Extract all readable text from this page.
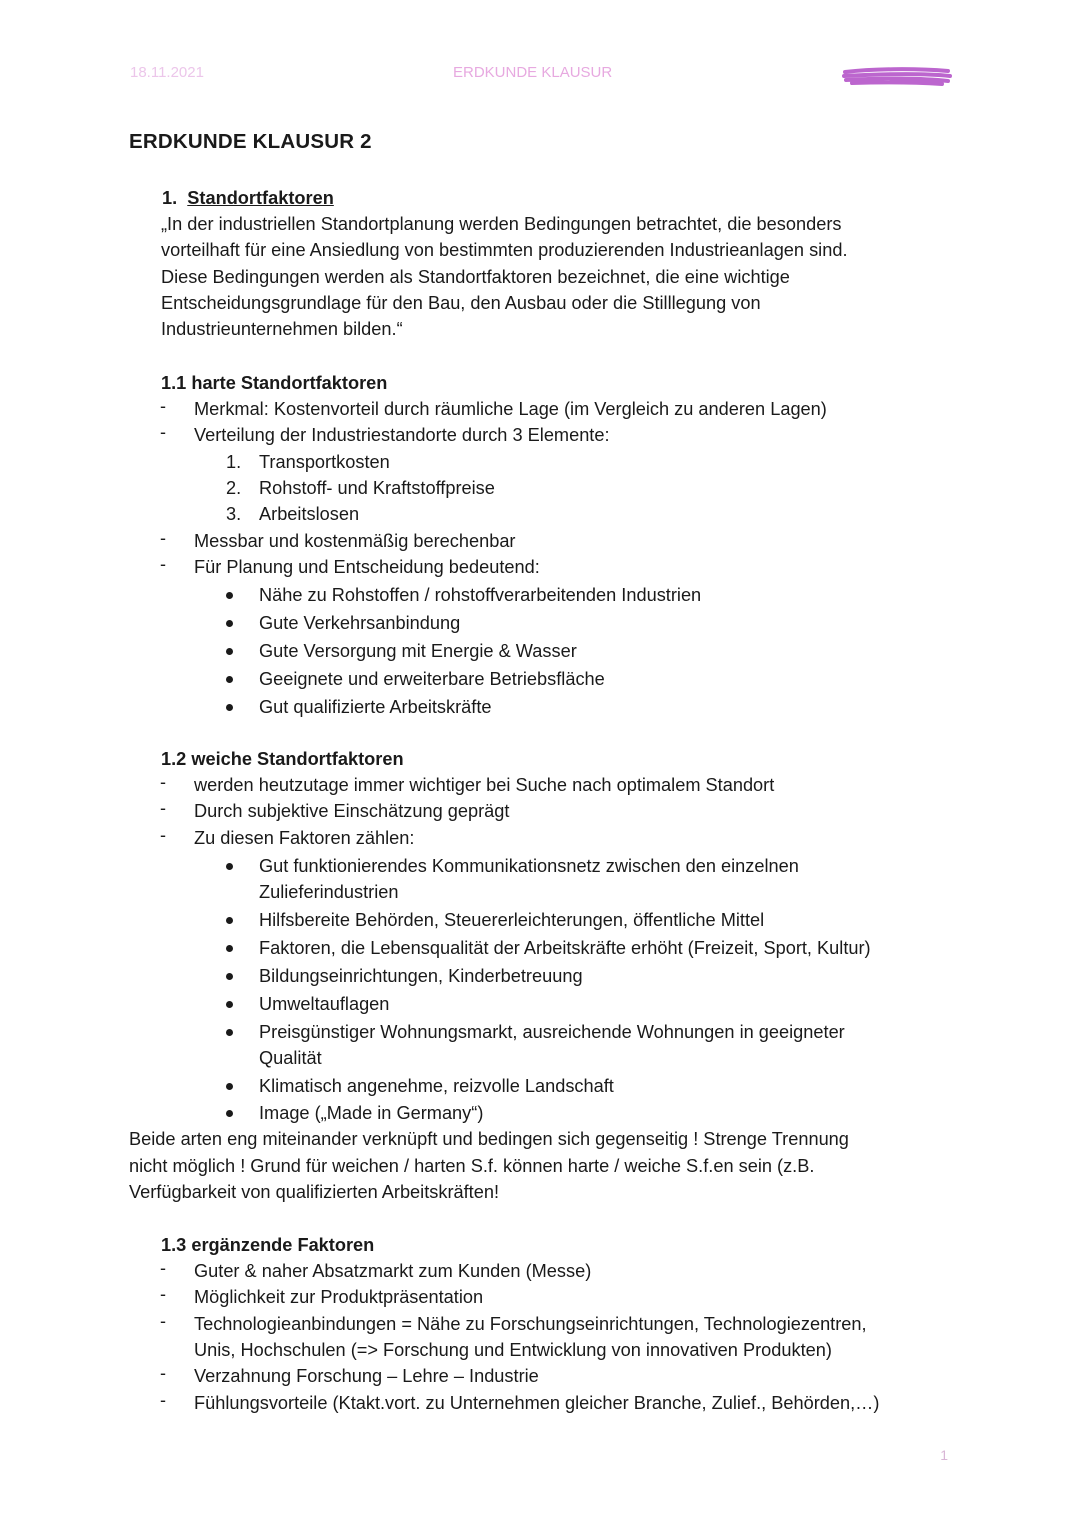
18.11.2021	ERDKUNDE KLAUSUR
ERDKUNDE KLAUSUR 2
1. Standortfaktoren
„In der industriellen Standortplanung werden Bedingungen betrachtet, die besonders
vorteilhaft für eine Ansiedlung von bestimmten produzierenden Industrieanlagen sind.
Diese Bedingungen werden als Standortfaktoren bezeichnet, die eine wichtige
Entscheidungsgrundlage für den Bau, den Ausbau oder die Stilllegung von
Industrieunternehmen bilden.“
1.1 harte Standortfaktoren
- Merkmal: Kostenvorteil durch räumliche Lage (im Vergleich zu anderen Lagen)
- Verteilung der Industriestandorte durch 3 Elemente:
1. Transportkosten
2. Rohstoff- und Kraftstoffpreise
3. Arbeitslosen
- Messbar und kostenmäßig berechenbar
- Für Planung und Entscheidung bedeutend:
Nähe zu Rohstoffen / rohstoffverarbeitenden Industrien
Gute Verkehrsanbindung
Gute Versorgung mit Energie & Wasser
Geeignete und erweiterbare Betriebsfläche
Gut qualifizierte Arbeitskräfte
1.2 weiche Standortfaktoren
- werden heutzutage immer wichtiger bei Suche nach optimalem Standort
- Durch subjektive Einschätzung geprägt
- Zu diesen Faktoren zählen:
Gut funktionierendes Kommunikationsnetz zwischen den einzelnen
Zulieferindustrien
Hilfsbereite Behörden, Steuererleichterungen, öffentliche Mittel
Faktoren, die Lebensqualität der Arbeitskräfte erhöht (Freizeit, Sport, Kultur)
Bildungseinrichtungen, Kinderbetreuung
Umweltauflagen
Preisgünstiger Wohnungsmarkt, ausreichende Wohnungen in geeigneter
Qualität
Klimatisch angenehme, reizvolle Landschaft
Image („Made in Germany“)
Beide arten eng miteinander verknüpft und bedingen sich gegenseitig ! Strenge Trennung
nicht möglich ! Grund für weichen / harten S.f. können harte / weiche S.f.en sein (z.B.
Verfügbarkeit von qualifizierten Arbeitskräften!
1.3 ergänzende Faktoren
- Guter & naher Absatzmarkt zum Kunden (Messe)
- Möglichkeit zur Produktpräsentation
- Technologieanbindungen = Nähe zu Forschungseinrichtungen, Technologiezentren,
Unis, Hochschulen (=> Forschung und Entwicklung von innovativen Produkten)
- Verzahnung Forschung – Lehre – Industrie
- Fühlungsvorteile (Ktakt.vort. zu Unternehmen gleicher Branche, Zulief., Behörden,…)
1
